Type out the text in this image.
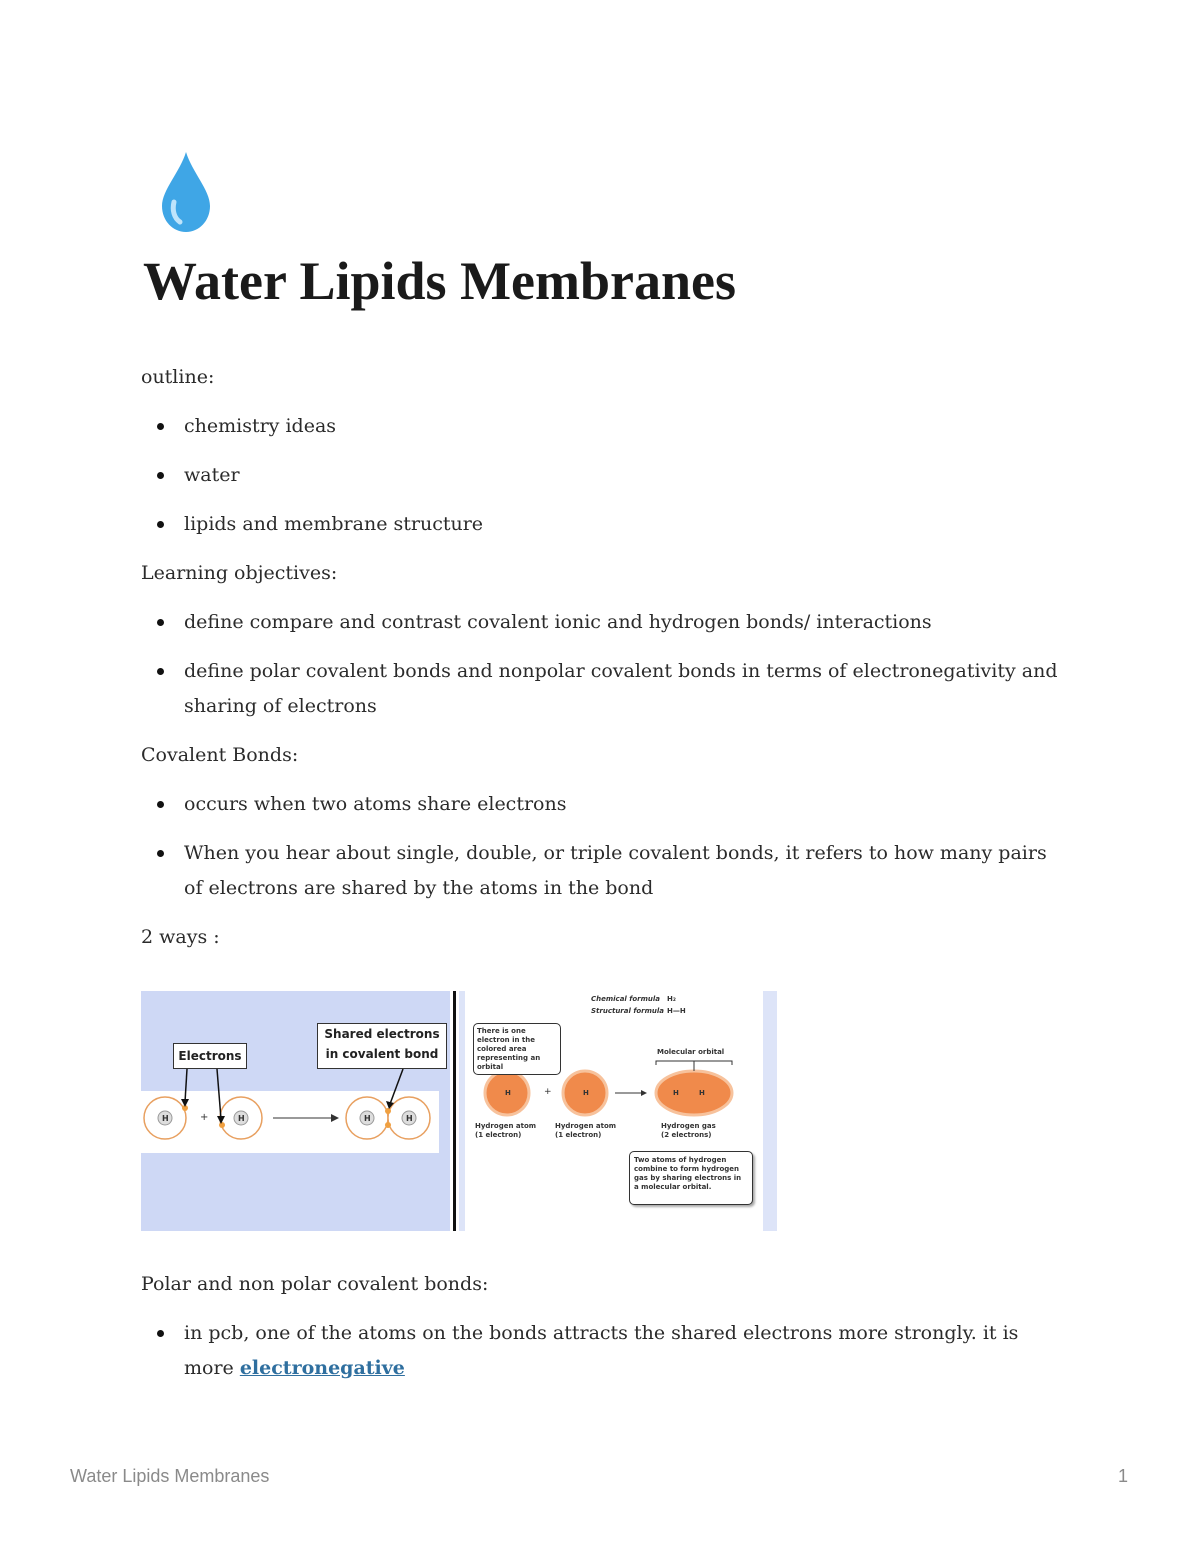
Water Lipids Membranes

outline:

chemistry ideas
water
lipids and membrane structure

Learning objectives:

define compare and contrast covalent ionic and hydrogen bonds/ interactions
define polar covalent bonds and nonpolar covalent bonds in terms of electronegativity and sharing of electrons

Covalent Bonds:

occurs when two atoms share electrons
When you hear about single, double, or triple covalent bonds, it refers to how many pairs of electrons are shared by the atoms in the bond

2 ways :

H	H	H	H
+
Electrons
Shared electrons
in covalent bond
Chemical formula H₂
Structural formula H—H
There is one electron in the colored area representing an orbital
Molecular orbital
H	H	H	H
+
Hydrogen atom
(1 electron)
Hydrogen atom
(1 electron)
Hydrogen gas
(2 electrons)
Two atoms of hydrogen combine to form hydrogen gas by sharing electrons in a molecular orbital.

Polar and non polar covalent bonds:

in pcb, one of the atoms on the bonds attracts the shared electrons more strongly. it is more electronegative
Water Lipids Membranes	1
